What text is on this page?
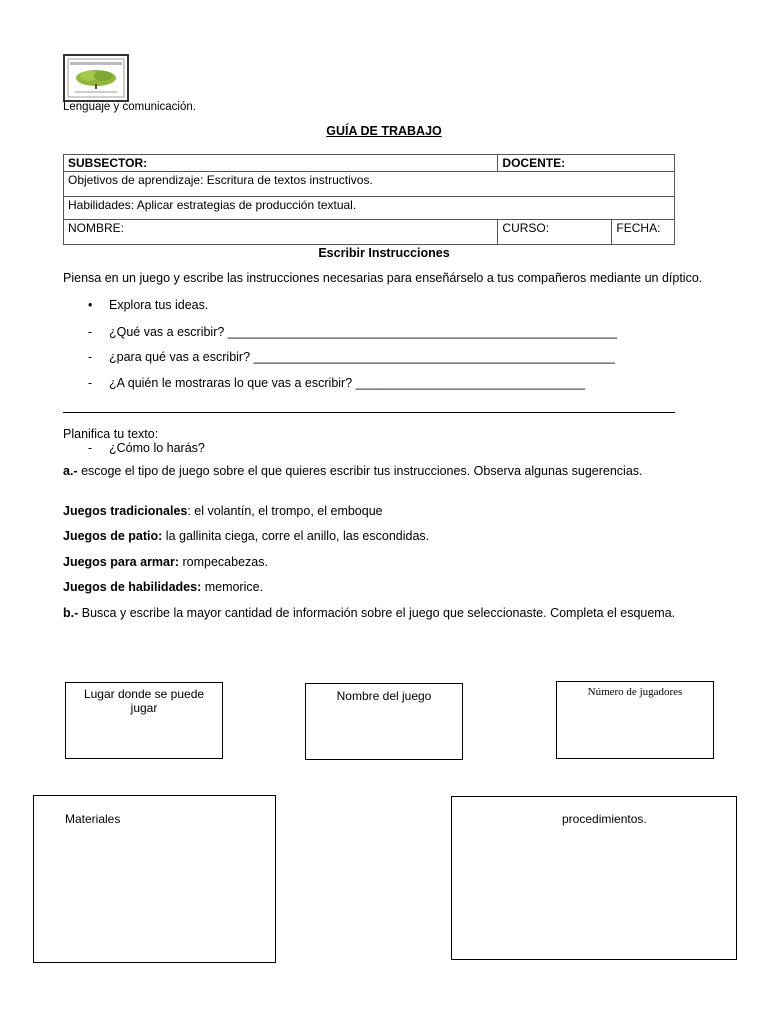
Lenguaje y comunicación.
GUÍA DE TRABAJO
SUBSECTOR:	DOCENTE:	
Objetivos de aprendizaje: Escritura de textos instructivos.		
Habilidades: Aplicar estrategias de producción textual.		
NOMBRE:	CURSO:	FECHA:
Escribir Instrucciones
Piensa en un juego y escribe las instrucciones necesarias para enseñárselo a tus compañeros mediante un díptico.
• Explora tus ideas.
- ¿Qué vas a escribir? ________________________________________________________
- ¿para qué vas a escribir? ____________________________________________________
- ¿A quién le mostraras lo que vas a escribir? _________________________________
Planifica tu texto:
- ¿Cómo lo harás?
a.- escoge el tipo de juego sobre el que quieres escribir tus instrucciones. Observa algunas sugerencias.
Juegos tradicionales: el volantín, el trompo, el emboque
Juegos de patio: la gallinita ciega, corre el anillo, las escondidas.
Juegos para armar: rompecabezas.
Juegos de habilidades: memorice.
b.- Busca y escribe la mayor cantidad de información sobre el juego que seleccionaste. Completa el esquema.
Lugar donde se puede jugar
Nombre del juego	Número de jugadores
Materiales	procedimientos.
